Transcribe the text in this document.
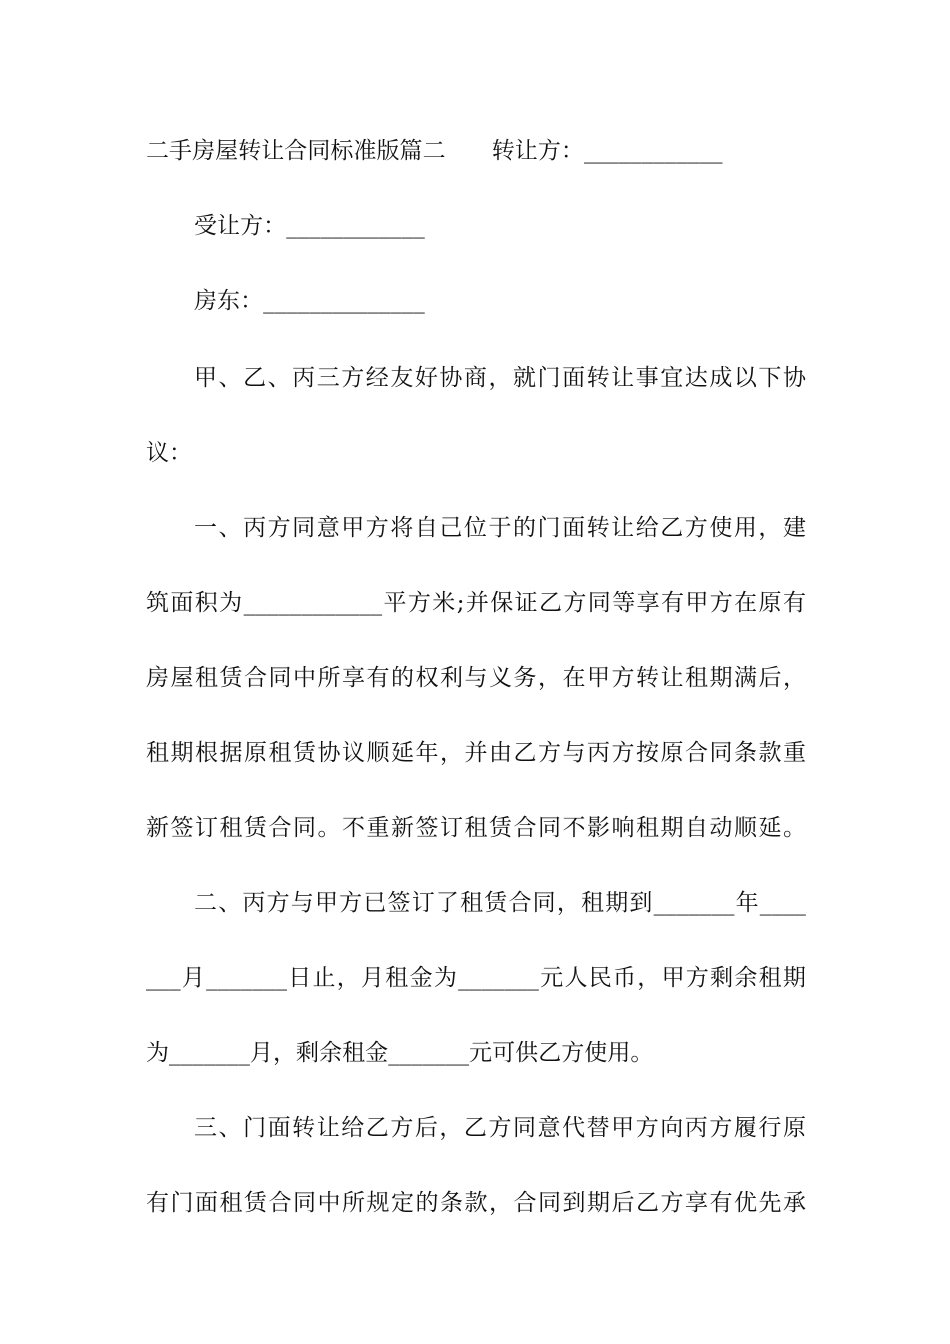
二手房屋转让合同标准版篇二　　转让方：____________
受让方：____________
房东：______________
甲、乙、丙三方经友好协商，就门面转让事宜达成以下协
议：
一、丙方同意甲方将自己位于的门面转让给乙方使用，建
筑面积为____________平方米;并保证乙方同等享有甲方在原有
房屋租赁合同中所享有的权利与义务，在甲方转让租期满后，
租期根据原租赁协议顺延年，并由乙方与丙方按原合同条款重
新签订租赁合同。不重新签订租赁合同不影响租期自动顺延。
二、丙方与甲方已签订了租赁合同，租期到_______年____
___月_______日止，月租金为_______元人民币，甲方剩余租期
为_______月，剩余租金_______元可供乙方使用。
三、门面转让给乙方后，乙方同意代替甲方向丙方履行原
有门面租赁合同中所规定的条款，合同到期后乙方享有优先承
